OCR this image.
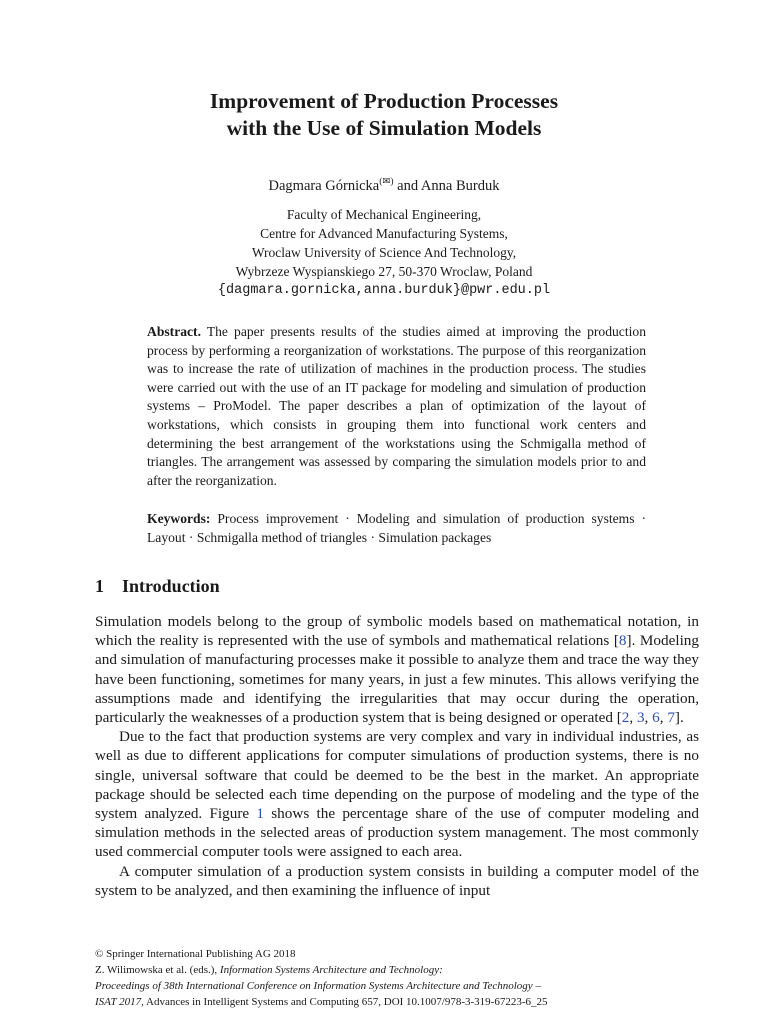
Improvement of Production Processes
with the Use of Simulation Models
Dagmara Górnicka(✉) and Anna Burduk
Faculty of Mechanical Engineering,
Centre for Advanced Manufacturing Systems,
Wroclaw University of Science And Technology,
Wybrzeze Wyspianskiego 27, 50-370 Wroclaw, Poland
{dagmara.gornicka,anna.burduk}@pwr.edu.pl
Abstract. The paper presents results of the studies aimed at improving the production process by performing a reorganization of workstations. The purpose of this reorganization was to increase the rate of utilization of machines in the production process. The studies were carried out with the use of an IT package for modeling and simulation of production systems – ProModel. The paper describes a plan of optimization of the layout of workstations, which consists in grouping them into functional work centers and determining the best arrangement of the workstations using the Schmigalla method of triangles. The arrangement was assessed by comparing the simulation models prior to and after the reorganization.
Keywords: Process improvement · Modeling and simulation of production systems · Layout · Schmigalla method of triangles · Simulation packages
1 Introduction

Simulation models belong to the group of symbolic models based on mathematical notation, in which the reality is represented with the use of symbols and mathematical relations [8]. Modeling and simulation of manufacturing processes make it possible to analyze them and trace the way they have been functioning, sometimes for many years, in just a few minutes. This allows verifying the assumptions made and identifying the irregularities that may occur during the operation, particularly the weaknesses of a production system that is being designed or operated [2, 3, 6, 7].

Due to the fact that production systems are very complex and vary in individual industries, as well as due to different applications for computer simulations of production systems, there is no single, universal software that could be deemed to be the best in the market. An appropriate package should be selected each time depending on the purpose of modeling and the type of the system analyzed. Figure 1 shows the percentage share of the use of computer modeling and simulation methods in the selected areas of production system management. The most commonly used commercial computer tools were assigned to each area.

A computer simulation of a production system consists in building a computer model of the system to be analyzed, and then examining the influence of input

© Springer International Publishing AG 2018
Z. Wilimowska et al. (eds.), Information Systems Architecture and Technology:
Proceedings of 38th International Conference on Information Systems Architecture and Technology –
ISAT 2017, Advances in Intelligent Systems and Computing 657, DOI 10.1007/978-3-319-67223-6_25
